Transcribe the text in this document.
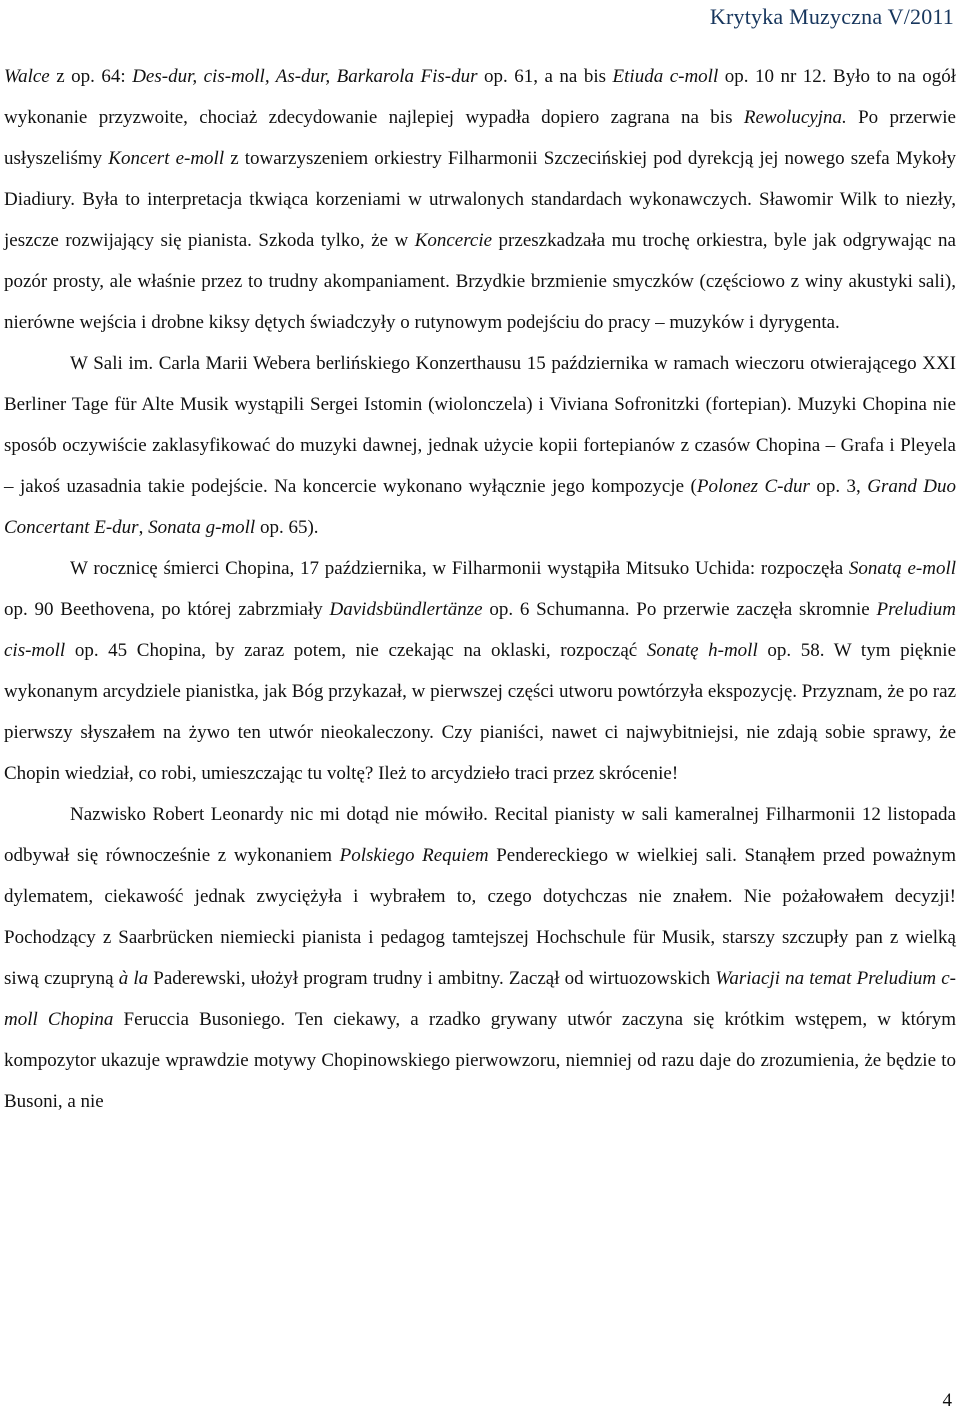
Krytyka Muzyczna V/2011

Walce z op. 64: Des-dur, cis-moll, As-dur, Barkarola Fis-dur op. 61, a na bis Etiuda c-moll op. 10 nr 12. Było to na ogół wykonanie przyzwoite, chociaż zdecydowanie najlepiej wypadła dopiero zagrana na bis Rewolucyjna. Po przerwie usłyszeliśmy Koncert e-moll z towarzyszeniem orkiestry Filharmonii Szczecińskiej pod dyrekcją jej nowego szefa Mykoły Diadiury. Była to interpretacja tkwiąca korzeniami w utrwalonych standardach wykonawczych. Sławomir Wilk to niezły, jeszcze rozwijający się pianista. Szkoda tylko, że w Koncercie przeszkadzała mu trochę orkiestra, byle jak odgrywając na pozór prosty, ale właśnie przez to trudny akompaniament. Brzydkie brzmienie smyczków (częściowo z winy akustyki sali), nierówne wejścia i drobne kiksy dętych świadczyły o rutynowym podejściu do pracy – muzyków i dyrygenta.

W Sali im. Carla Marii Webera berlińskiego Konzerthausu 15 października w ramach wieczoru otwierającego XXI Berliner Tage für Alte Musik wystąpili Sergei Istomin (wiolonczela) i Viviana Sofronitzki (fortepian). Muzyki Chopina nie sposób oczywiście zaklasyfikować do muzyki dawnej, jednak użycie kopii fortepianów z czasów Chopina – Grafa i Pleyela – jakoś uzasadnia takie podejście. Na koncercie wykonano wyłącznie jego kompozycje (Polonez C-dur op. 3, Grand Duo Concertant E-dur, Sonata g-moll op. 65).

W rocznicę śmierci Chopina, 17 października, w Filharmonii wystąpiła Mitsuko Uchida: rozpoczęła Sonatą e-moll op. 90 Beethovena, po której zabrzmiały Davidsbündlertänze op. 6 Schumanna. Po przerwie zaczęła skromnie Preludium cis-moll op. 45 Chopina, by zaraz potem, nie czekając na oklaski, rozpocząć Sonatę h-moll op. 58. W tym pięknie wykonanym arcydziele pianistka, jak Bóg przykazał, w pierwszej części utworu powtórzyła ekspozycję. Przyznam, że po raz pierwszy słyszałem na żywo ten utwór nieokaleczony. Czy pianiści, nawet ci najwybitniejsi, nie zdają sobie sprawy, że Chopin wiedział, co robi, umieszczając tu voltę? Ileż to arcydzieło traci przez skrócenie!

Nazwisko Robert Leonardy nic mi dotąd nie mówiło. Recital pianisty w sali kameralnej Filharmonii 12 listopada odbywał się równocześnie z wykonaniem Polskiego Requiem Pendereckiego w wielkiej sali. Stanąłem przed poważnym dylematem, ciekawość jednak zwyciężyła i wybrałem to, czego dotychczas nie znałem. Nie pożałowałem decyzji! Pochodzący z Saarbrücken niemiecki pianista i pedagog tamtejszej Hochschule für Musik, starszy szczupły pan z wielką siwą czupryną à la Paderewski, ułożył program trudny i ambitny. Zaczął od wirtuozowskich Wariacji na temat Preludium c-moll Chopina Feruccia Busoniego. Ten ciekawy, a rzadko grywany utwór zaczyna się krótkim wstępem, w którym kompozytor ukazuje wprawdzie motywy Chopinowskiego pierwowzoru, niemniej od razu daje do zrozumienia, że będzie to Busoni, a nie

4
